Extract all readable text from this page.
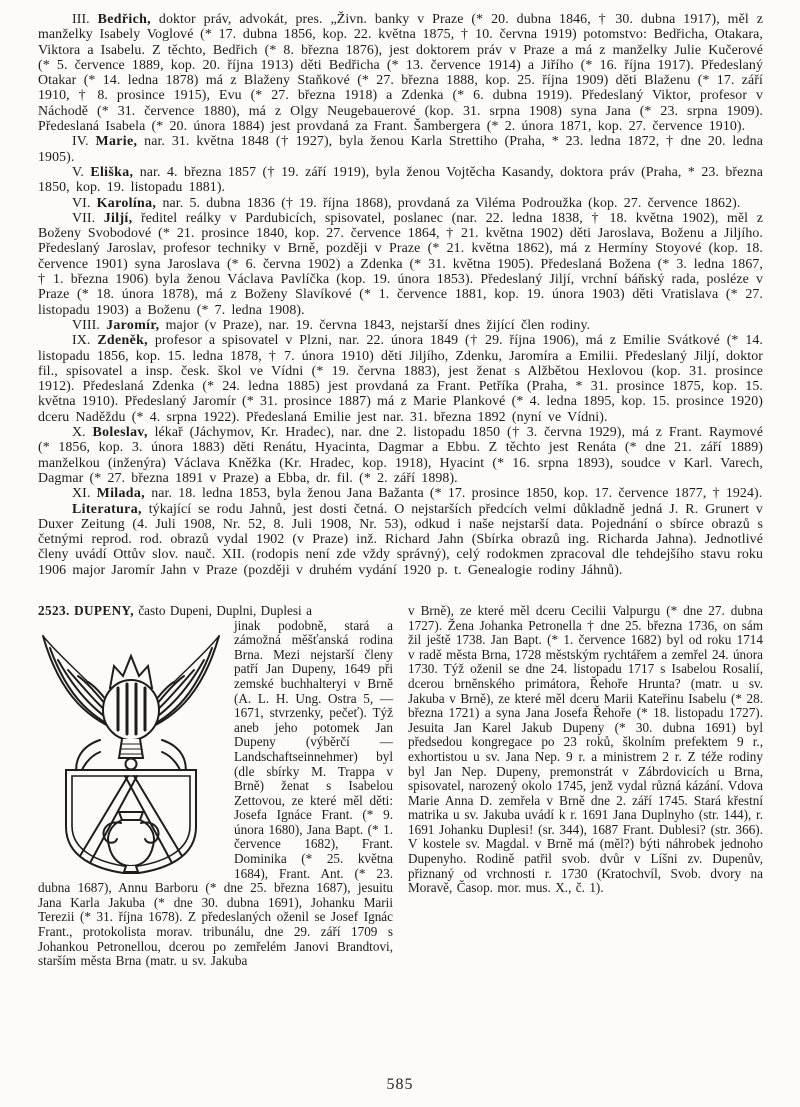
III. Bedřich, doktor práv, advokát, pres. „Živn. banky v Praze (* 20. dubna 1846, † 30. dubna 1917), měl z manželky Isabely Voglové (* 17. dubna 1856, kop. 22. května 1875, † 10. června 1919) potomstvo: Bedřicha, Otakara, Viktora a Isabelu. Z těchto, Bedřich (* 8. března 1876), jest doktorem práv v Praze a má z manželky Julie Kučerové (* 5. července 1889, kop. 20. října 1913) děti Bedřicha (* 13. července 1914) a Jiřího (* 16. října 1917). Předeslaný Otakar (* 14. ledna 1878) má z Blaženy Staňkové (* 27. března 1888, kop. 25. října 1909) děti Blaženu (* 17. září 1910, † 8. prosince 1915), Evu (* 27. března 1918) a Zdenka (* 6. dubna 1919). Předeslaný Viktor, profesor v Náchodě (* 31. července 1880), má z Olgy Neugebauerové (kop. 31. srpna 1908) syna Jana (* 23. srpna 1909). Předeslaná Isabela (* 20. února 1884) jest provdaná za Frant. Šambergera (* 2. února 1871, kop. 27. července 1910).

IV. Marie, nar. 31. května 1848 († 1927), byla ženou Karla Strettiho (Praha, * 23. ledna 1872, † dne 20. ledna 1905).

V. Eliška, nar. 4. března 1857 († 19. září 1919), byla ženou Vojtěcha Kasandy, doktora práv (Praha, * 23. března 1850, kop. 19. listopadu 1881).

VI. Karolína, nar. 5. dubna 1836 († 19. října 1868), provdaná za Viléma Podroužka (kop. 27. července 1862).

VII. Jiljí, ředitel reálky v Pardubicích, spisovatel, poslanec (nar. 22. ledna 1838, † 18. května 1902), měl z Boženy Svobodové (* 21. prosince 1840, kop. 27. července 1864, † 21. května 1902) děti Jaroslava, Boženu a Jiljího. Předeslaný Jaroslav, profesor techniky v Brně, později v Praze (* 21. května 1862), má z Hermíny Stoyové (kop. 18. července 1901) syna Jaroslava (* 6. června 1902) a Zdenka (* 31. května 1905). Předeslaná Božena (* 3. ledna 1867, † 1. března 1906) byla ženou Václava Pavlíčka (kop. 19. února 1853). Předeslaný Jiljí, vrchní báňský rada, posléze v Praze (* 18. února 1878), má z Boženy Slavíkové (* 1. července 1881, kop. 19. února 1903) děti Vratislava (* 27. listopadu 1903) a Boženu (* 7. ledna 1908).

VIII. Jaromír, major (v Praze), nar. 19. června 1843, nejstarší dnes žijící člen rodiny.

IX. Zdeněk, profesor a spisovatel v Plzni, nar. 22. února 1849 († 29. října 1906), má z Emilie Svátkové (* 14. listopadu 1856, kop. 15. ledna 1878, † 7. února 1910) děti Jiljího, Zdenku, Jaromíra a Emilii. Předeslaný Jiljí, doktor fil., spisovatel a insp. česk. škol ve Vídni (* 19. června 1883), jest ženat s Alžbětou Hexlovou (kop. 31. prosince 1912). Předeslaná Zdenka (* 24. ledna 1885) jest provdaná za Frant. Petříka (Praha, * 31. prosince 1875, kop. 15. května 1910). Předeslaný Jaromír (* 31. prosince 1887) má z Marie Plankové (* 4. ledna 1895, kop. 15. prosince 1920) dceru Naděždu (* 4. srpna 1922). Předeslaná Emilie jest nar. 31. března 1892 (nyní ve Vídni).

X. Boleslav, lékař (Jáchymov, Kr. Hradec), nar. dne 2. listopadu 1850 († 3. června 1929), má z Frant. Raymové (* 1856, kop. 3. února 1883) děti Renátu, Hyacinta, Dagmar a Ebbu. Z těchto jest Renáta (* dne 21. září 1889) manželkou (inženýra) Václava Kněžka (Kr. Hradec, kop. 1918), Hyacint (* 16. srpna 1893), soudce v Karl. Varech, Dagmar (* 27. března 1891 v Praze) a Ebba, dr. fil. (* 2. září 1898).

XI. Milada, nar. 18. ledna 1853, byla ženou Jana Bažanta (* 17. prosince 1850, kop. 17. července 1877, † 1924).

Literatura, týkající se rodu Jahnů, jest dosti četná. O nejstarších předcích velmi důkladně jedná J. R. Grunert v Duxer Zeitung (4. Juli 1908, Nr. 52, 8. Juli 1908, Nr. 53), odkud i naše nejstarší data. Pojednání o sbírce obrazů s četnými reprod. rod. obrazů vydal 1902 (v Praze) inž. Richard Jahn (Sbírka obrazů ing. Richarda Jahna). Jednotlivé členy uvádí Ottův slov. nauč. XII. (rodopis není zde vždy správný), celý rodokmen zpracoval dle tehdejšího stavu roku 1906 major Jaromír Jahn v Praze (později v druhém vydání 1920 p. t. Genealogie rodiny Jáhnů).

2523. DUPENY, často Dupeni, Duplni, Duplesi a

jinak podobně, stará a zámožná měšťanská rodina Brna. Mezi nejstarší členy patří Jan Dupeny, 1649 při zemské buchhalteryi v Brně (A. L. H. Ung. Ostra 5, —1671, stvrzenky, pečeť). Týž aneb jeho potomek Jan Dupeny (výběrčí — Landschaftseinnehmer) byl (dle sbírky M. Trappa v Brně) ženat s Isabelou Zettovou, ze které měl děti: Josefa Ignáce Frant. (* 9. února 1680), Jana Bapt. (* 1. července 1682), Frant. Dominika (* 25. května 1684), Frant. Ant. (* 23. dubna 1687), Annu Barboru (* dne 25. března 1687), jesuitu Jana Karla Jakuba (* dne 30. dubna 1691), Johanku Marii Terezii (* 31. října 1678). Z předeslaných oženil se Josef Ignác Frant., protokolista morav. tribunálu, dne 29. září 1709 s Johankou Petronellou, dcerou po zemřelém Janovi Brandtovi, starším města Brna (matr. u sv. Jakuba

v Brně), ze které měl dceru Cecilii Valpurgu (* dne 27. dubna 1727). Žena Johanka Petronella † dne 25. března 1736, on sám žil ještě 1738. Jan Bapt. (* 1. července 1682) byl od roku 1714 v radě města Brna, 1728 městským rychtářem a zemřel 24. února 1730. Týž oženil se dne 24. listopadu 1717 s Isabelou Rosalií, dcerou brněnského primátora, Řehoře Hrunta? (matr. u sv. Jakuba v Brně), ze které měl dceru Marii Kateřinu Isabelu (* 28. března 1721) a syna Jana Josefa Řehoře (* 18. listopadu 1727). Jesuita Jan Karel Jakub Dupeny (* 30. dubna 1691) byl předsedou kongregace po 23 roků, školním prefektem 9 r., exhortistou u sv. Jana Nep. 9 r. a ministrem 2 r. Z téže rodiny byl Jan Nep. Dupeny, premonstrát v Zábrdovicích u Brna, spisovatel, narozený okolo 1745, jenž vydal různá kázání. Vdova Marie Anna D. zemřela v Brně dne 2. září 1745. Stará křestní matrika u sv. Jakuba uvádí k r. 1691 Jana Duplnyho (str. 144), r. 1691 Johanku Duplesi! (sr. 344), 1687 Frant. Dublesi? (str. 366). V kostele sv. Magdal. v Brně má (měl?) býti náhrobek jednoho Dupenyho. Rodině patřil svob. dvůr v Líšni zv. Dupenův, přiznaný od vrchnosti r. 1730 (Kratochvíl, Svob. dvory na Moravě, Časop. mor. mus. X., č. 1).

585
